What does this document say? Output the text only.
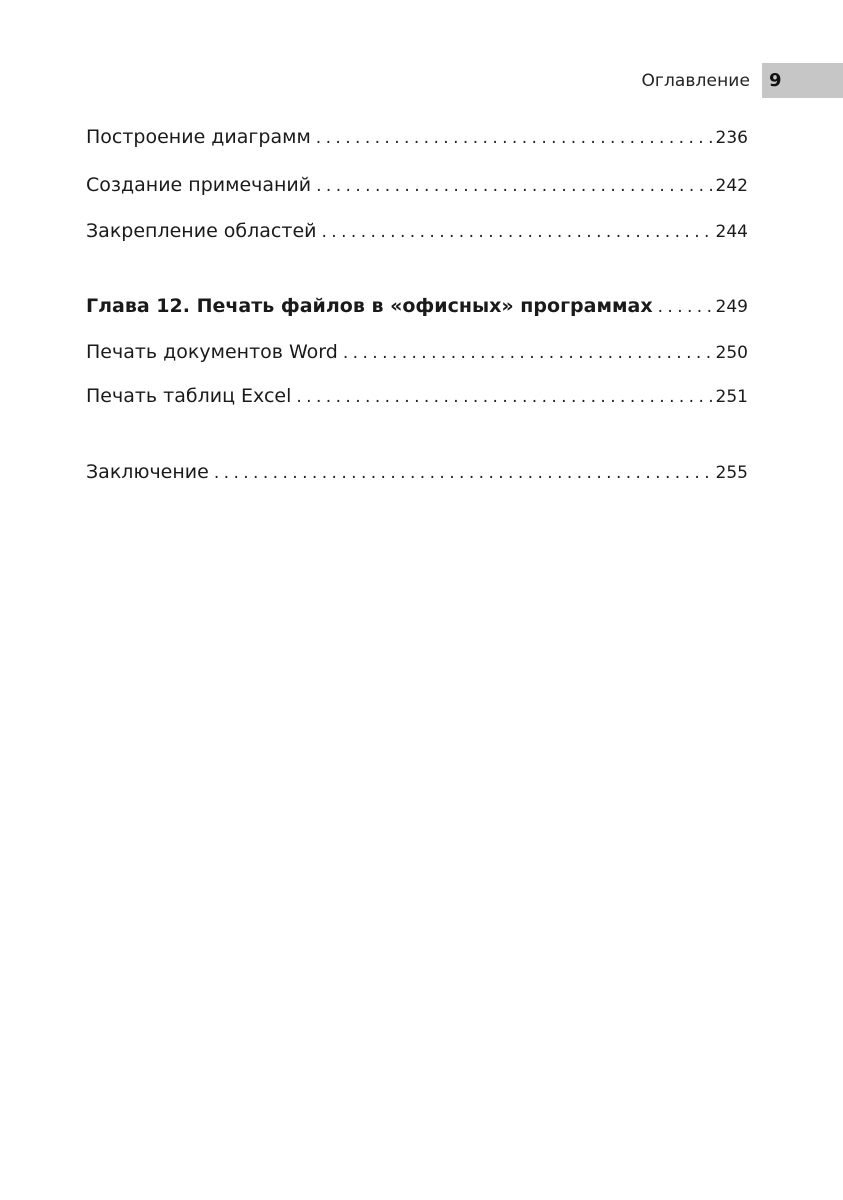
Оглавление 9
Построение диаграмм . . .	236
Создание примечаний . . .	242
Закрепление областей . . .	244
Глава 12. Печать файлов в «офисных» программах . . .	249
Печать документов Word . . .	250
Печать таблиц Excel . . .	251
Заключение . . .	255
